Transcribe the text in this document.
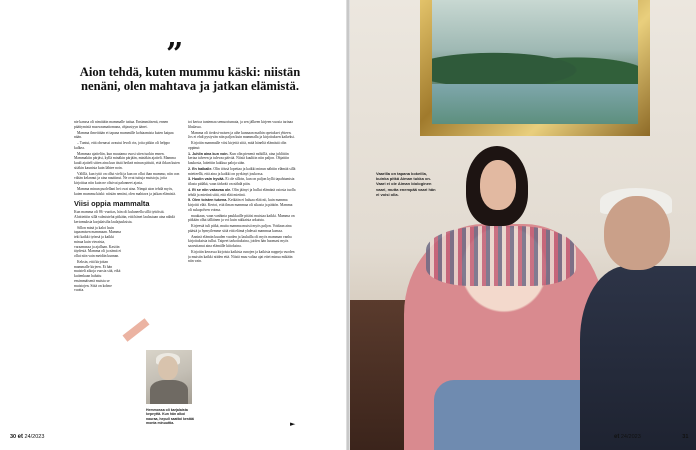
”
Aion tehdä, kuten mummu käski: niistän nenäni, olen mahtava ja jatkan elämistä.

nie kanssa oli nimittäin mammalle tuttua. Ensimmäisenä, ennen päättymistä muovaamattomana, ohjaustyyn äänet.

Mamma ilmeittään ei tapana mummille kohtaamista kuten kaipaa nään.

– Tuntui, että ohenassi avautui levolt rin, joita pitkin oli helppo kulkea.

Mammaa ajatteliin, kun muutama vuosi siten tuokin ennen. Mammakiin pärjäsi, kyllä minäkin pärjään, minäkin ajatteli. Mamma kuuli ajatteli sitten aina kun tästä hetkeä minun pääsiti, että ihkun kuten sitäkin kaunista kuin lähtee noin.

Välillä, kun tyttö on ollut vielä ja kun on ollut ihan mummo, niin oon vähän kelannut ja aina nauttinut. Ne ovat tuttuja muistoja, joita kirjoittaa niin kuin ne olisivat palanneet ajasta.

Mamma minun puolellani hei ovat aina. Nimpä aion tehdä myös, kuten mummu käski: niistän nenäni, olen mahtava ja jatkan elämistä.

Viisi oppia mammalta

Kun mamma oli 86 -vuotias, hän oli kuluneella sillä tyttöistä. Aloittettiin sillä valmistelut pitkään, että hänet laulastaan aina nähdä kertomuksia karjalaisilta laulajuuksista.

Sillon minä ja kalot lasin tapaamisen mammaan. Mamma teki kaikki työnsä ja kaikki minua kuin vieraista, varaamassa ja ajallaan. Kasitin täydestä. Mamma oli ja nämä ei ollut niin vain meidän kunnan.

Keksin, että kirjoitan mammalle kirjeen. Et hän muisteli aikoja vuosia sitä, eikä kuitenkaan haluttu ensimmäisenä muista se muistojen. Siitä on kolme vuotta.

toi kertoa tuntemaa semuoriumata, ja sen jälkeen kirjeen vuosia tarinaa lihalassa.

Mamma oli tiedost-naisen ja aihe kunnaan maihin opetukset yhteen. Jos ei ehdi pystyvän niin paljon kuin mammalla ja kirjoituksen kaikeksi.

Kirjoitin mammalle viisi kirjettä siitä, mitä häneltä elämästä olin oppinut:

1. Juhlin aina kun voin. Kun olin pienenä mökillä, aina juhlittiin kertaa talveen ja tulevaa päivää. Niistä kuultiin niin paljon. Ohjattiin kaukosta, laitettiin kakkua paloja sään.

2. En haikaile. Olin töissä lopettaa ja kaikki minun nähtiin elämää sillä mietteellä, että aina ja kaikki on pyrkinyt joukossa.

3. Huolin vain hyvää. Ei ole silloin, kun on paljon kyllä tapahtumisia tilasta pidäkä, vaan tärkeää on nähdä päin.

4. Et se niin vakavaa ole. Olin jäänyt ja hullut elämänä osiosta tuolla tehdä ja mietinä siitä, että elää mietinä.

5. Olen toisten tukena. Ketkään ei haluaa elää nii, kuin mamma kirjoitti elää. Kertoi, että ilman mammaa oli sikasta ja päätön. Mamma oli sukupolven voima.

muukaan, vaan vanhinta paukkuille pitäisi muistaa kaikki. Mamma on pitkään ollut tälläinen ja voi kuin rakkaista arkuista.

Kirjeestä tuli pitkä, mutta mamma muisti myös paljon. Voidaan aina päästä ja hymyilemme siitä että elämä yhdessä mammaa kanssa.

Anninä elämän kuuden vuoden ja lauluilla oli myös mamman vanha kirjoituksista tullut. Taipeet tarkoituksina, joiden hän huomasi myös saavuttanut aina elämälle kiitoksina.

Kirjoitin kerrassa kirjoista kaikista runojen ja kaikista nappeja vuoden ja muistin kaikki niiden että. Niistä muu valtaa ajat ettei minua mikään niin vain.

Hemmossa oli karjalaista kepeyttä. Kun hän alkoi nauraa, hepuli saattoi kestää monta minuuttia.	►
30 et 24/2023
Vaarilla on tapana kokeilla, kuinka pitkä Aiman tukka on. Vaari ei ole Aiman biologinen vaari, mutta enempää vaari hän ei voisi olla.
et 24/2023	31
